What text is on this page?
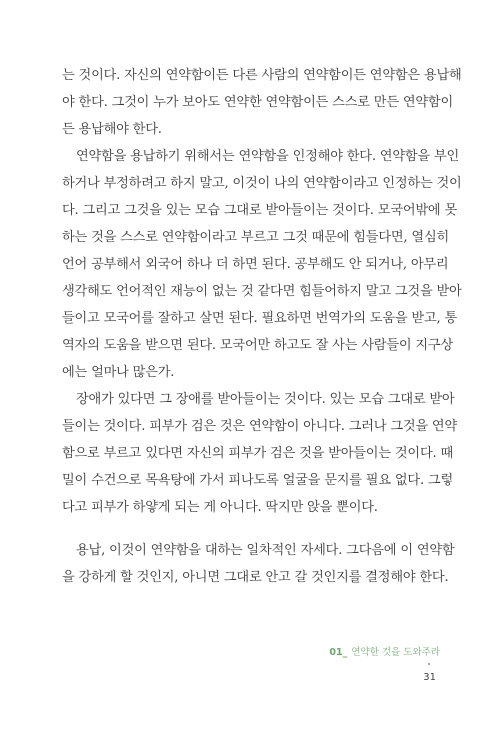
는 것이다. 자신의 연약함이든 다른 사람의 연약함이든 연약함은 용납해
야 한다. 그것이 누가 보아도 연약한 연약함이든 스스로 만든 연약함이
든 용납해야 한다.
연약함을 용납하기 위해서는 연약함을 인정해야 한다. 연약함을 부인
하거나 부정하려고 하지 말고, 이것이 나의 연약함이라고 인정하는 것이
다. 그리고 그것을 있는 모습 그대로 받아들이는 것이다. 모국어밖에 못
하는 것을 스스로 연약함이라고 부르고 그것 때문에 힘들다면, 열심히
언어 공부해서 외국어 하나 더 하면 된다. 공부해도 안 되거나, 아무리
생각해도 언어적인 재능이 없는 것 같다면 힘들어하지 말고 그것을 받아
들이고 모국어를 잘하고 살면 된다. 필요하면 번역가의 도움을 받고, 통
역자의 도움을 받으면 된다. 모국어만 하고도 잘 사는 사람들이 지구상
에는 얼마나 많은가.
장애가 있다면 그 장애를 받아들이는 것이다. 있는 모습 그대로 받아
들이는 것이다. 피부가 검은 것은 연약함이 아니다. 그러나 그것을 연약
함으로 부르고 있다면 자신의 피부가 검은 것을 받아들이는 것이다. 때
밀이 수건으로 목욕탕에 가서 피나도록 얼굴을 문지를 필요 없다. 그렇
다고 피부가 하얗게 되는 게 아니다. 딱지만 앉을 뿐이다.
용납, 이것이 연약함을 대하는 일차적인 자세다. 그다음에 이 연약함
을 강하게 할 것인지, 아니면 그대로 안고 갈 것인지를 결정해야 한다.
01_ 연약한 것을 도와주라
31
